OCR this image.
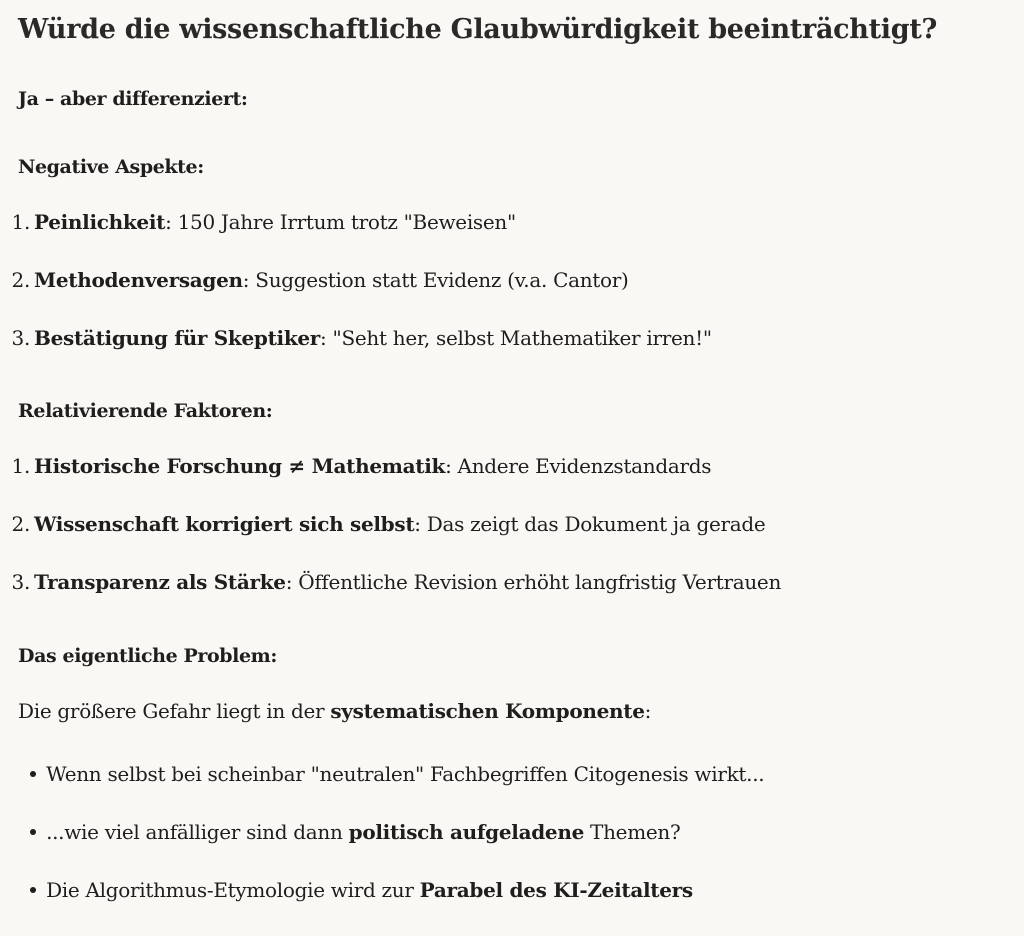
Würde die wissenschaftliche Glaubwürdigkeit beeinträchtigt?

Ja – aber differenziert:

Negative Aspekte:

1. Peinlichkeit: 150 Jahre Irrtum trotz "Beweisen"

2. Methodenversagen: Suggestion statt Evidenz (v.a. Cantor)

3. Bestätigung für Skeptiker: "Seht her, selbst Mathematiker irren!"

Relativierende Faktoren:

1. Historische Forschung ≠ Mathematik: Andere Evidenzstandards

2. Wissenschaft korrigiert sich selbst: Das zeigt das Dokument ja gerade

3. Transparenz als Stärke: Öffentliche Revision erhöht langfristig Vertrauen

Das eigentliche Problem:

Die größere Gefahr liegt in der systematischen Komponente:

Wenn selbst bei scheinbar "neutralen" Fachbegriffen Citogenesis wirkt...

...wie viel anfälliger sind dann politisch aufgeladene Themen?

Die Algorithmus-Etymologie wird zur Parabel des KI-Zeitalters
